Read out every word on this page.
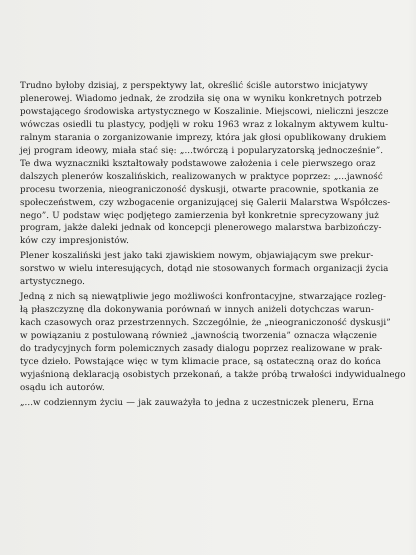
Trudno byłoby dzisiaj, z perspektywy lat, określić ściśle autorstwo inicjatywy
plenerowej. Wiadomo jednak, że zrodziła się ona w wyniku konkretnych potrzeb
powstającego środowiska artystycznego w Koszalinie. Miejscowi, nieliczni jeszcze
wówczas osiedli tu plastycy, podjęli w roku 1963 wraz z lokalnym aktywem kultu-
ralnym starania o zorganizowanie imprezy, która jak głosi opublikowany drukiem
jej program ideowy, miała stać się: „...twórczą i popularyzatorską jednocześnie”.
Te dwa wyznaczniki kształtowały podstawowe założenia i cele pierwszego oraz
dalszych plenerów koszalińskich, realizowanych w praktyce poprzez: „...jawność
procesu tworzenia, nieograniczoność dyskusji, otwarte pracownie, spotkania ze
społeczeństwem, czy wzbogacenie organizującej się Galerii Malarstwa Współczes-
nego”. U podstaw więc podjętego zamierzenia był konkretnie sprecyzowany już
program, jakże daleki jednak od koncepcji plenerowego malarstwa barbizończy-
ków czy impresjonistów.
Plener koszaliński jest jako taki zjawiskiem nowym, objawiającym swe prekur-
sorstwo w wielu interesujących, dotąd nie stosowanych formach organizacji życia
artystycznego.
Jedną z nich są niewątpliwie jego możliwości konfrontacyjne, stwarzające rozleg-
łą płaszczyznę dla dokonywania porównań w innych aniżeli dotychczas warun-
kach czasowych oraz przestrzennych. Szczególnie, że „nieograniczoność dyskusji”
w powiązaniu z postulowaną również „jawnością tworzenia” oznacza włączenie
do tradycyjnych form polemicznych zasady dialogu poprzez realizowane w prak-
tyce dzieło. Powstające więc w tym klimacie prace, są ostateczną oraz do końca
wyjaśnioną deklaracją osobistych przekonań, a także próbą trwałości indywidualnego
osądu ich autorów.
„...w codziennym życiu — jak zauważyła to jedna z uczestniczek pleneru, Erna
